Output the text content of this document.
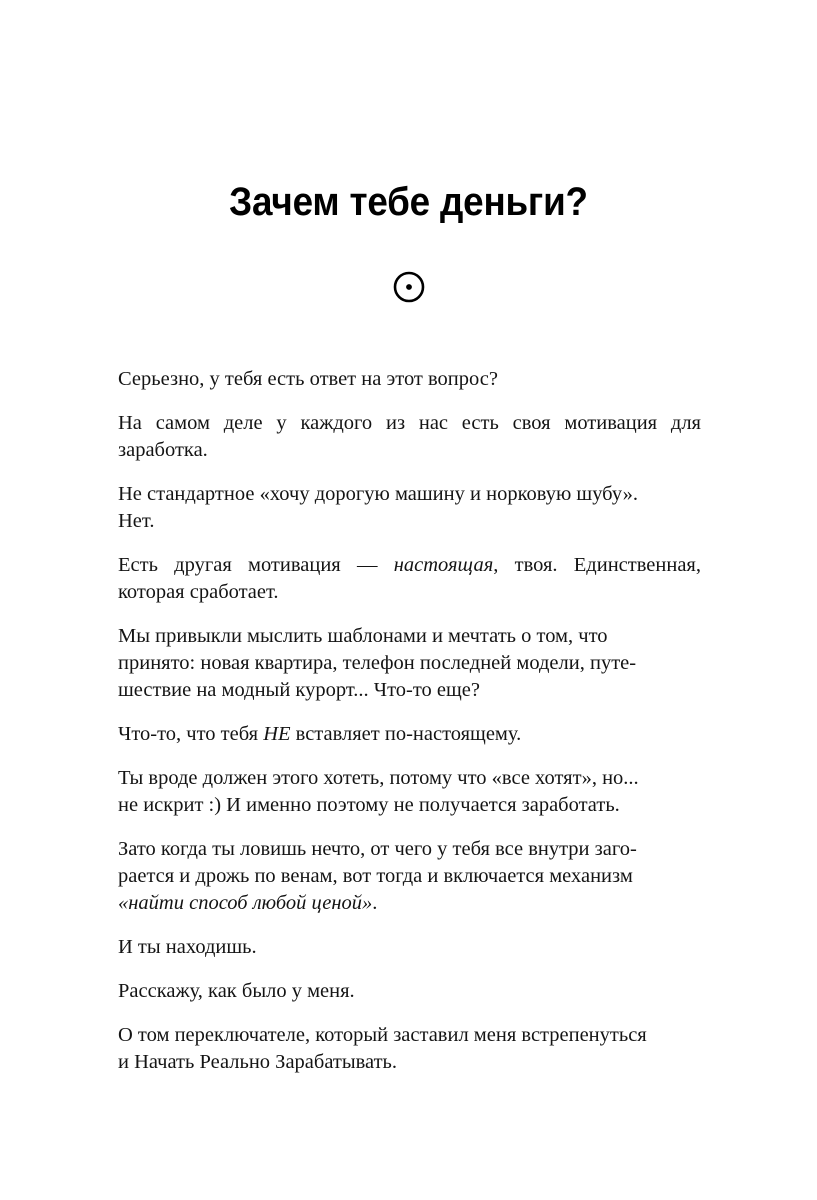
Зачем тебе деньги?

Серьезно, у тебя есть ответ на этот вопрос?

На самом деле у каждого из нас есть своя мотивация для заработка.

Не стандартное «хочу дорогую машину и норковую шубу».
Нет.

Есть другая мотивация — настоящая, твоя. Единственная, которая сработает.

Мы привыкли мыслить шаблонами и мечтать о том, что
принято: новая квартира, телефон последней модели, путе-
шествие на модный курорт... Что-то еще?

Что-то, что тебя НЕ вставляет по-настоящему.

Ты вроде должен этого хотеть, потому что «все хотят», но...
не искрит :) И именно поэтому не получается заработать.

Зато когда ты ловишь нечто, от чего у тебя все внутри заго-
рается и дрожь по венам, вот тогда и включается механизм
«найти способ любой ценой».

И ты находишь.

Расскажу, как было у меня.

О том переключателе, который заставил меня встрепенуться
и Начать Реально Зарабатывать.
